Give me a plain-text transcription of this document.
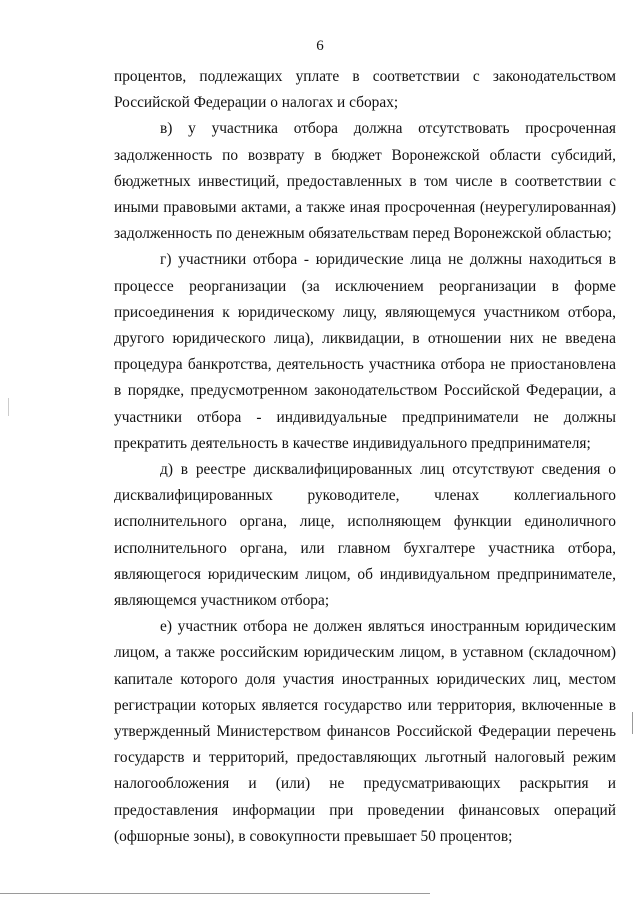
6

процентов, подлежащих уплате в соответствии с законодательством Российской Федерации о налогах и сборах;

в) у участника отбора должна отсутствовать просроченная задолженность по возврату в бюджет Воронежской области субсидий, бюджетных инвестиций, предоставленных в том числе в соответствии с иными правовыми актами, а также иная просроченная (неурегулированная) задолженность по денежным обязательствам перед Воронежской областью;

г) участники отбора - юридические лица не должны находиться в процессе реорганизации (за исключением реорганизации в форме присоединения к юридическому лицу, являющемуся участником отбора, другого юридического лица), ликвидации, в отношении них не введена процедура банкротства, деятельность участника отбора не приостановлена в порядке, предусмотренном законодательством Российской Федерации, а участники отбора - индивидуальные предприниматели не должны прекратить деятельность в качестве индивидуального предпринимателя;

д) в реестре дисквалифицированных лиц отсутствуют сведения о дисквалифицированных руководителе, членах коллегиального исполнительного органа, лице, исполняющем функции единоличного исполнительного органа, или главном бухгалтере участника отбора, являющегося юридическим лицом, об индивидуальном предпринимателе, являющемся участником отбора;

е) участник отбора не должен являться иностранным юридическим лицом, а также российским юридическим лицом, в уставном (складочном) капитале которого доля участия иностранных юридических лиц, местом регистрации которых является государство или территория, включенные в утвержденный Министерством финансов Российской Федерации перечень государств и территорий, предоставляющих льготный налоговый режим налогообложения и (или) не предусматривающих раскрытия и предоставления информации при проведении финансовых операций (офшорные зоны), в совокупности превышает 50 процентов;
